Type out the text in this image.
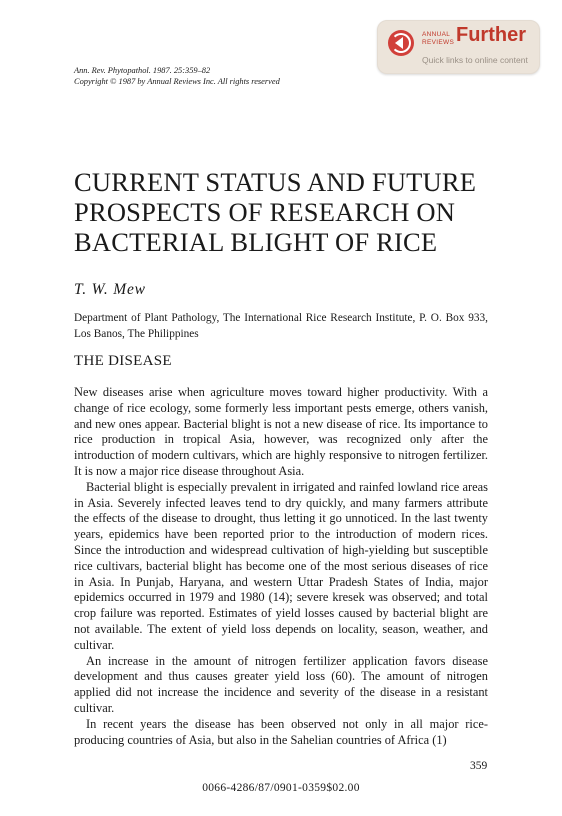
ANNUAL
REVIEWS Further
Quick links to online content
Ann. Rev. Phytopathol. 1987. 25:359–82
Copyright © 1987 by Annual Reviews Inc. All rights reserved
CURRENT STATUS AND FUTURE PROSPECTS OF RESEARCH ON BACTERIAL BLIGHT OF RICE
T. W. Mew
Department of Plant Pathology, The International Rice Research Institute, P. O. Box 933, Los Banos, The Philippines
THE DISEASE

New diseases arise when agriculture moves toward higher productivity. With a change of rice ecology, some formerly less important pests emerge, others vanish, and new ones appear. Bacterial blight is not a new disease of rice. Its importance to rice production in tropical Asia, however, was recognized only after the introduction of modern cultivars, which are highly responsive to nitrogen fertilizer. It is now a major rice disease throughout Asia.

Bacterial blight is especially prevalent in irrigated and rainfed lowland rice areas in Asia. Severely infected leaves tend to dry quickly, and many farmers attribute the effects of the disease to drought, thus letting it go unnoticed. In the last twenty years, epidemics have been reported prior to the introduction of modern rices. Since the introduction and widespread cultivation of high-yielding but susceptible rice cultivars, bacterial blight has become one of the most serious diseases of rice in Asia. In Punjab, Haryana, and western Uttar Pradesh States of India, major epidemics occurred in 1979 and 1980 (14); severe kresek was observed; and total crop failure was reported. Estimates of yield losses caused by bacterial blight are not available. The extent of yield loss depends on locality, season, weather, and cultivar.

An increase in the amount of nitrogen fertilizer application favors disease development and thus causes greater yield loss (60). The amount of nitrogen applied did not increase the incidence and severity of the disease in a resistant cultivar.

In recent years the disease has been observed not only in all major rice-producing countries of Asia, but also in the Sahelian countries of Africa (1)

359
0066-4286/87/0901-0359$02.00
